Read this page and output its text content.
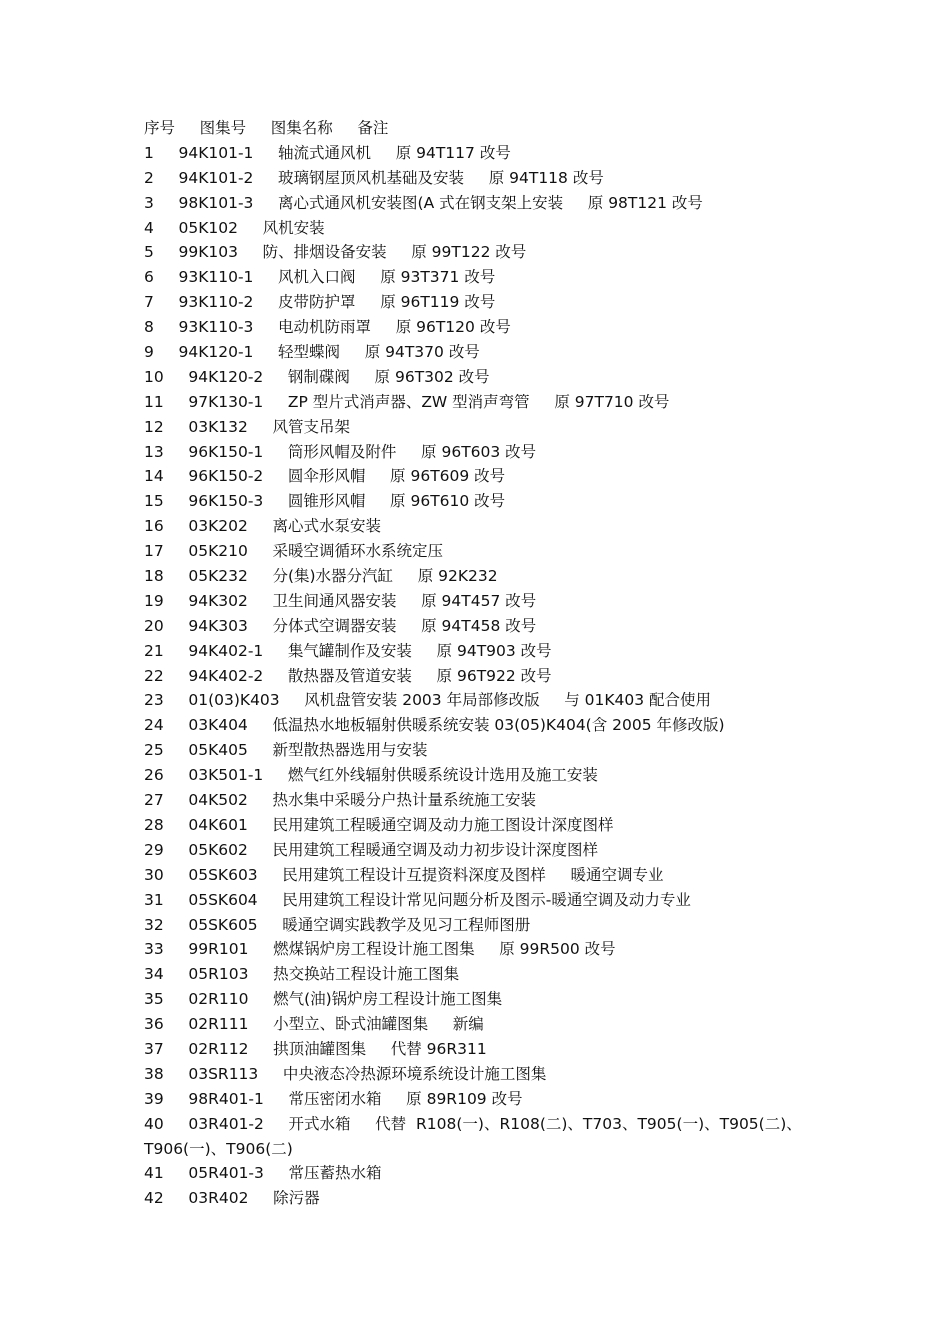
序号     图集号     图集名称     备注
1     94K101-1     轴流式通风机     原 94T117 改号
2     94K101-2     玻璃钢屋顶风机基础及安装     原 94T118 改号
3     98K101-3     离心式通风机安装图(A 式在钢支架上安装     原 98T121 改号
4     05K102     风机安装
5     99K103     防、排烟设备安装     原 99T122 改号
6     93K110-1     风机入口阀     原 93T371 改号
7     93K110-2     皮带防护罩     原 96T119 改号
8     93K110-3     电动机防雨罩     原 96T120 改号
9     94K120-1     轻型蝶阀     原 94T370 改号
10     94K120-2     钢制碟阀     原 96T302 改号
11     97K130-1     ZP 型片式消声器、ZW 型消声弯管     原 97T710 改号
12     03K132     风管支吊架
13     96K150-1     筒形风帽及附件     原 96T603 改号
14     96K150-2     圆伞形风帽     原 96T609 改号
15     96K150-3     圆锥形风帽     原 96T610 改号
16     03K202     离心式水泵安装
17     05K210     采暖空调循环水系统定压
18     05K232     分(集)水器分汽缸     原 92K232
19     94K302     卫生间通风器安装     原 94T457 改号
20     94K303     分体式空调器安装     原 94T458 改号
21     94K402-1     集气罐制作及安装     原 94T903 改号
22     94K402-2     散热器及管道安装     原 96T922 改号
23     01(03)K403     风机盘管安装 2003 年局部修改版     与 01K403 配合使用
24     03K404     低温热水地板辐射供暖系统安装 03(05)K404(含 2005 年修改版)
25     05K405     新型散热器选用与安装
26     03K501-1     燃气红外线辐射供暖系统设计选用及施工安装
27     04K502     热水集中采暖分户热计量系统施工安装
28     04K601     民用建筑工程暖通空调及动力施工图设计深度图样
29     05K602     民用建筑工程暖通空调及动力初步设计深度图样
30     05SK603     民用建筑工程设计互提资料深度及图样     暖通空调专业
31     05SK604     民用建筑工程设计常见问题分析及图示-暖通空调及动力专业
32     05SK605     暖通空调实践教学及见习工程师图册
33     99R101     燃煤锅炉房工程设计施工图集     原 99R500 改号
34     05R103     热交换站工程设计施工图集
35     02R110     燃气(油)锅炉房工程设计施工图集
36     02R111     小型立、卧式油罐图集     新编
37     02R112     拱顶油罐图集     代替 96R311
38     03SR113     中央液态冷热源环境系统设计施工图集
39     98R401-1     常压密闭水箱     原 89R109 改号
40     03R401-2     开式水箱     代替  R108(一)、R108(二)、T703、T905(一)、T905(二)、
T906(一)、T906(二)
41     05R401-3     常压蓄热水箱
42     03R402     除污器
